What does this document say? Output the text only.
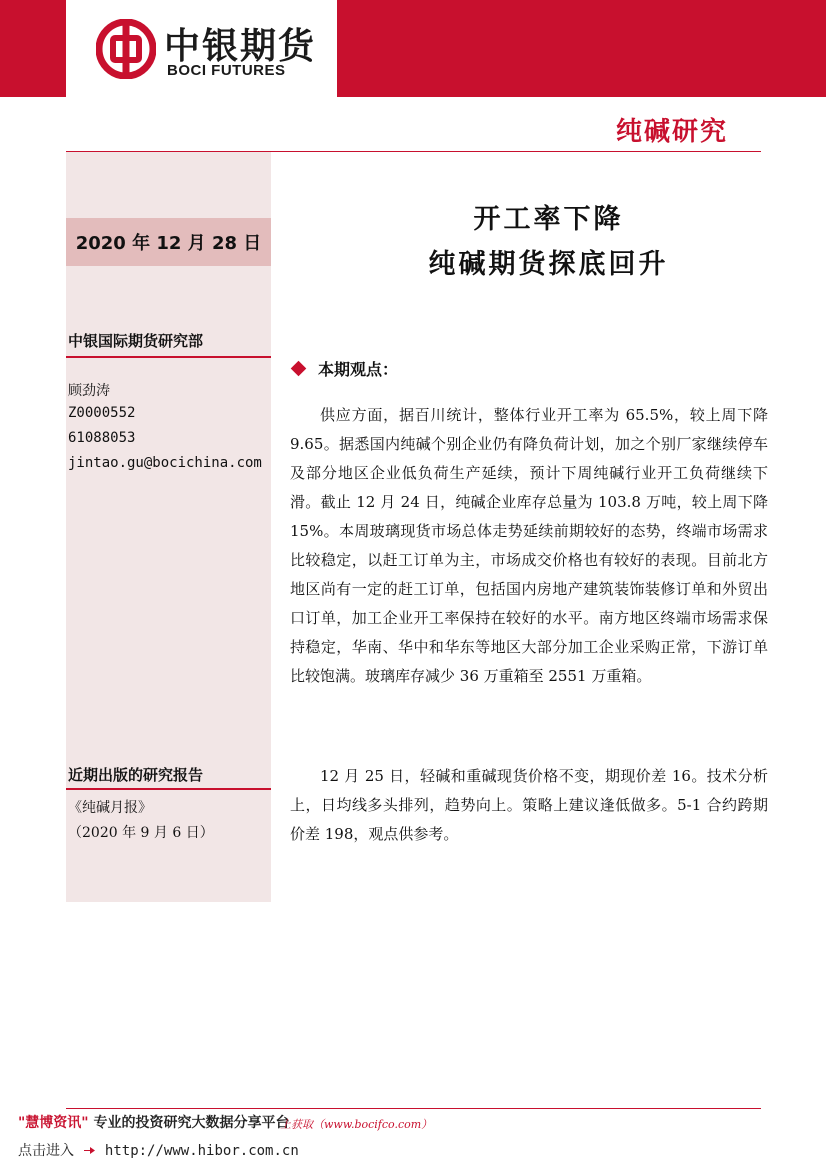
中银期货
BOCI FUTURES
纯碱研究
2020 年 12 月 28 日
中银国际期货研究部
顾劲涛
Z0000552
61088053
jintao.gu@bocichina.com
近期出版的研究报告
《纯碱月报》
（2020 年 9 月 6 日）
开工率下降
纯碱期货探底回升
本期观点：

供应方面，据百川统计，整体行业开工率为 65.5%，较上周下降 9.65。据悉国内纯碱个别企业仍有降负荷计划，加之个别厂家继续停车及部分地区企业低负荷生产延续，预计下周纯碱行业开工负荷继续下滑。截止 12 月 24 日，纯碱企业库存总量为 103.8 万吨，较上周下降 15%。本周玻璃现货市场总体走势延续前期较好的态势，终端市场需求比较稳定，以赶工订单为主，市场成交价格也有较好的表现。目前北方地区尚有一定的赶工订单，包括国内房地产建筑装饰装修订单和外贸出口订单，加工企业开工率保持在较好的水平。南方地区终端市场需求保持稳定，华南、华中和华东等地区大部分加工企业采购正常，下游订单比较饱满。玻璃库存减少 36 万重箱至 2551 万重箱。

12 月 25 日，轻碱和重碱现货价格不变，期现价差 16。技术分析上，日均线多头排列，趋势向上。策略上建议逢低做多。5-1 合约跨期价差 198，观点供参考。

"慧博资讯" 专业的投资研究大数据分享平台
上获取（www.bocifco.com）
点击进入 http://www.hibor.com.cn
